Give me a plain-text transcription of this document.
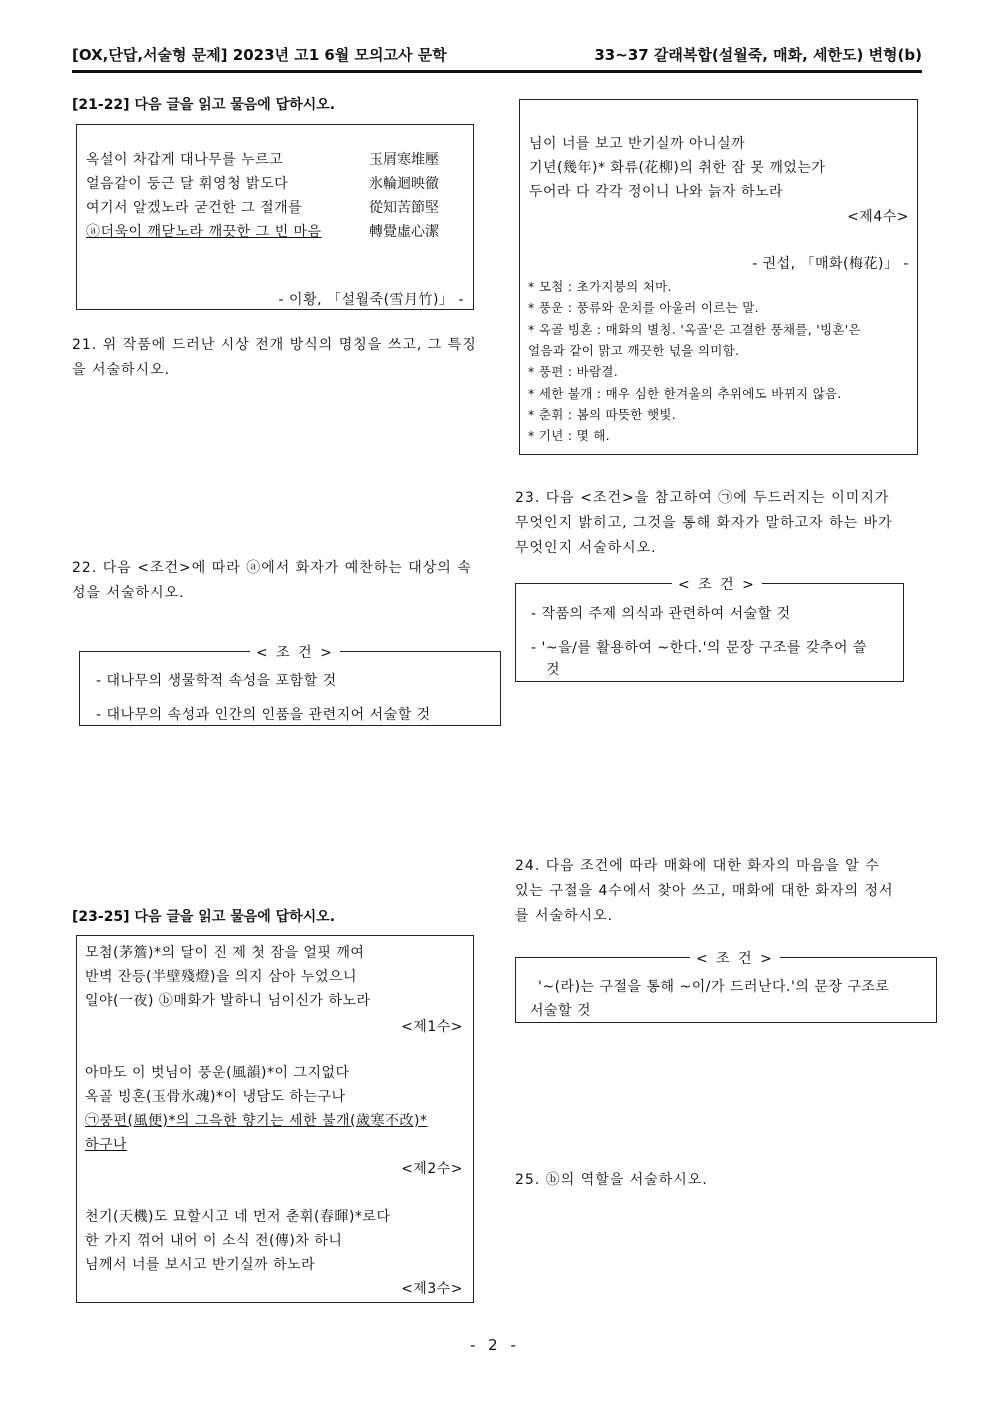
[OX,단답,서술형 문제] 2023년 고1 6월 모의고사 문학	33~37 갈래복합(설월죽, 매화, 세한도) 변형(b)
[21-22] 다음 글을 읽고 물음에 답하시오.
옥설이 차갑게 대나무를 누르고	玉屑寒堆壓
얼음같이 둥근 달 휘영청 밝도다	氷輪迴映徹
여기서 알겠노라 굳건한 그 절개를	從知苦節堅
ⓐ더욱이 깨닫노라 깨끗한 그 빈 마음	轉覺虛心潔
- 이황, 「설월죽(雪月竹)」 -
21. 위 작품에 드러난 시상 전개 방식의 명칭을 쓰고, 그 특징을 서술하시오.
22. 다음 <조건>에 따라 ⓐ에서 화자가 예찬하는 대상의 속성을 서술하시오.
< 조 건 >
- 대나무의 생물학적 속성을 포함할 것
- 대나무의 속성과 인간의 인품을 관련지어 서술할 것
[23-25] 다음 글을 읽고 물음에 답하시오.
모첨(茅簷)*의 달이 진 제 첫 잠을 얼핏 깨여
반벽 잔등(半壁殘燈)을 의지 삼아 누었으니
일야(一夜) ⓑ매화가 발하니 님이신가 하노라
<제1수>
아마도 이 벗님이 풍운(風韻)*이 그지없다
옥골 빙혼(玉骨氷魂)*이 냉담도 하는구나
㉠풍편(風便)*의 그윽한 향기는 세한 불개(歲寒不改)*
하구나
<제2수>
천기(天機)도 묘할시고 네 먼저 춘휘(春暉)*로다
한 가지 꺾어 내어 이 소식 전(傳)차 하니
님께서 너를 보시고 반기실까 하노라
<제3수>
님이 너를 보고 반기실까 아니실까
기년(幾年)* 화류(花柳)의 취한 잠 못 깨었는가
두어라 다 각각 정이니 나와 늙자 하노라
<제4수>
- 권섭, 「매화(梅花)」 -
* 모첨 : 초가지붕의 처마.
* 풍운 : 풍류와 운치를 아울러 이르는 말.
* 옥골 빙혼 : 매화의 별칭. '옥골'은 고결한 풍채를, '빙혼'은
얼음과 같이 맑고 깨끗한 넋을 의미함.
* 풍편 : 바람결.
* 세한 불개 : 매우 심한 한겨울의 추위에도 바뀌지 않음.
* 춘휘 : 봄의 따뜻한 햇빛.
* 기년 : 몇 해.
23. 다음 <조건>을 참고하여 ㉠에 두드러지는 이미지가
무엇인지 밝히고, 그것을 통해 화자가 말하고자 하는 바가
무엇인지 서술하시오.
< 조 건 >
- 작품의 주제 의식과 관련하여 서술할 것
- '~을/를 활용하여 ~한다.'의 문장 구조를 갖추어 쓸
것
24. 다음 조건에 따라 매화에 대한 화자의 마음을 알 수
있는 구절을 4수에서 찾아 쓰고, 매화에 대한 화자의 정서
를 서술하시오.
< 조 건 >
'~(라)는 구절을 통해 ~이/가 드러난다.'의 문장 구조로
서술할 것
25. ⓑ의 역할을 서술하시오.
- 2 -
